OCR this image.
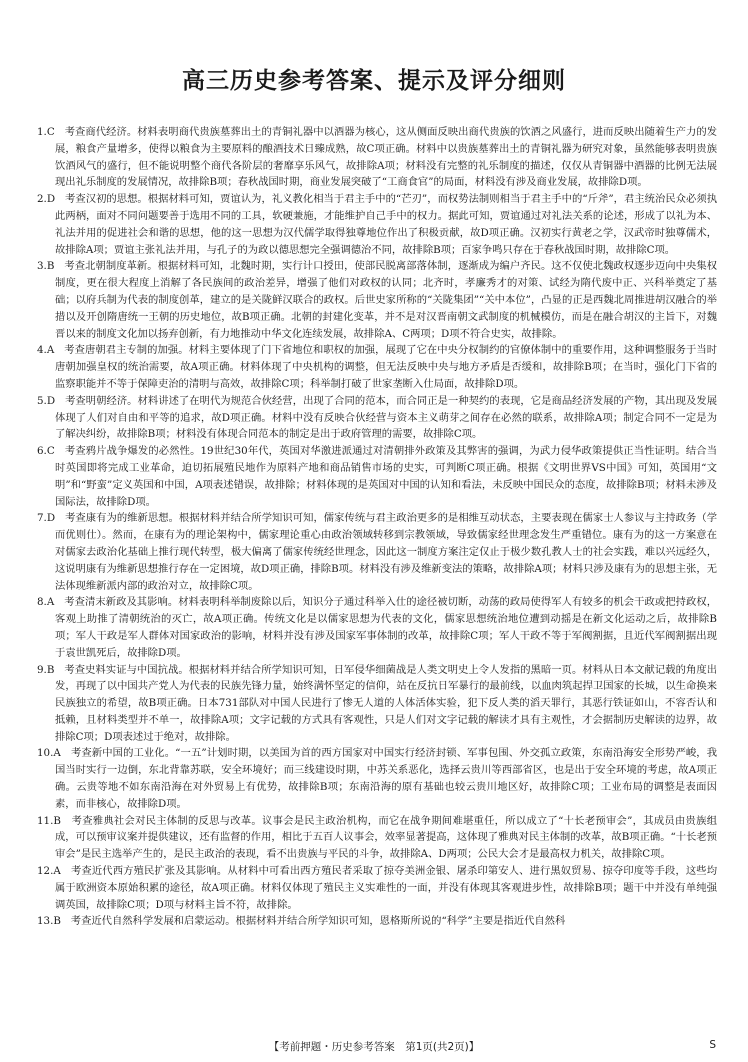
高三历史参考答案、提示及评分细则

1.C 考查商代经济。材料表明商代贵族墓葬出土的青铜礼器中以酒器为核心，这从侧面反映出商代贵族的饮酒之风盛行，进而反映出随着生产力的发展，粮食产量增多，使得以粮食为主要原料的酿酒技术日臻成熟，故C项正确。材料中以贵族墓葬出土的青铜礼器为研究对象，虽然能够表明贵族饮酒风气的盛行，但不能说明整个商代各阶层的奢靡享乐风气，故排除A项；材料没有完整的礼乐制度的描述，仅仅从青铜器中酒器的比例无法展现出礼乐制度的发展情况，故排除B项；春秋战国时期，商业发展突破了“工商食官”的局面，材料没有涉及商业发展，故排除D项。

2.D 考查汉初的思想。根据材料可知，贾谊认为，礼义教化相当于君主手中的“芒刃”，而权势法制则相当于君主手中的“斤斧”，君主统治民众必须执此两柄，面对不同问题要善于选用不同的工具，软硬兼施，才能维护自己手中的权力。据此可知，贾谊通过对礼法关系的论述，形成了以礼为本、礼法并用的促进社会和谐的思想，他的这一思想为汉代儒学取得独尊地位作出了积极贡献，故D项正确。汉初实行黄老之学，汉武帝时独尊儒术，故排除A项；贾谊主张礼法并用，与孔子的为政以德思想完全强调德治不同，故排除B项；百家争鸣只存在于春秋战国时期，故排除C项。

3.B 考查北朝制度革新。根据材料可知，北魏时期，实行计口授田，使部民脱离部落体制，逐渐成为编户齐民。这不仅使北魏政权逐步迈向中央集权制度，更在很大程度上消解了各民族间的政治差异，增强了他们对政权的认同；北齐时，孝廉秀才的对策、试经为隋代废中正、兴科举奠定了基础；以府兵制为代表的制度创革，建立的是关陇鲜汉联合的政权。后世史家所称的“关陇集团”“关中本位”，凸显的正是西魏北周推进胡汉融合的举措以及开创隋唐统一王朝的历史地位，故B项正确。北朝的封建化变革，并不是对汉晋南朝文武制度的机械模仿，而是在融合胡汉的主旨下，对魏晋以来的制度文化加以扬弃创新，有力地推动中华文化连续发展，故排除A、C两项；D项不符合史实，故排除。

4.A 考查唐朝君主专制的加强。材料主要体现了门下省地位和职权的加强，展现了它在中央分权制约的官僚体制中的重要作用，这种调整服务于当时唐朝加强皇权的统治需要，故A项正确。材料体现了中央机构的调整，但无法反映中央与地方矛盾是否缓和，故排除B项；在当时，强化门下省的监察职能并不等于保障吏治的清明与高效，故排除C项；科举制打破了世家垄断入仕局面，故排除D项。

5.D 考查明朝经济。材料讲述了在明代为规范合伙经营，出现了合同的范本，而合同正是一种契约的表现，它是商品经济发展的产物，其出现及发展体现了人们对自由和平等的追求，故D项正确。材料中没有反映合伙经营与资本主义萌芽之间存在必然的联系，故排除A项；制定合同不一定是为了解决纠纷，故排除B项；材料没有体现合同范本的制定是出于政府管理的需要，故排除C项。

6.C 考查鸦片战争爆发的必然性。19世纪30年代，英国对华激进派通过对清朝排外政策及其弊害的强调，为武力侵华政策提供正当性证明。结合当时英国即将完成工业革命，迫切拓展殖民地作为原料产地和商品销售市场的史实，可判断C项正确。根据《文明世界VS中国》可知，英国用“文明”和“野蛮”定义英国和中国，A项表述错误，故排除；材料体现的是英国对中国的认知和看法，未反映中国民众的态度，故排除B项；材料未涉及国际法，故排除D项。

7.D 考查康有为的维新思想。根据材料并结合所学知识可知，儒家传统与君主政治更多的是相维互动状态，主要表现在儒家士人参议与主持政务（学而优则仕）。然而，在康有为的理论架构中，儒家理论重心由政治领域转移到宗教领域，导致儒家经世理念发生严重错位。康有为的这一方案意在对儒家去政治化基础上推行现代转型，极大偏离了儒家传统经世理念，因此这一制度方案注定仅止于极少数孔教人士的社会实践，难以兴远经久，这说明康有为维新思想推行存在一定困境，故D项正确，排除B项。材料没有涉及维新变法的策略，故排除A项；材料只涉及康有为的思想主张，无法体现维新派内部的政治对立，故排除C项。

8.A 考查清末新政及其影响。材料表明科举制废除以后，知识分子通过科举入仕的途径被切断，动荡的政局使得军人有较多的机会干政或把持政权，客观上助推了清朝统治的灭亡，故A项正确。传统文化是以儒家思想为代表的文化，儒家思想统治地位遭到动摇是在新文化运动之后，故排除B项；军人干政是军人群体对国家政治的影响，材料并没有涉及国家军事体制的改革，故排除C项；军人干政不等于军阀割据，且近代军阀割据出现于袁世凯死后，故排除D项。

9.B 考查史料实证与中国抗战。根据材料并结合所学知识可知，日军侵华细菌战是人类文明史上令人发指的黑暗一页。材料从日本文献记载的角度出发，再现了以中国共产党人为代表的民族先锋力量，始终满怀坚定的信仰，站在反抗日军暴行的最前线，以血肉筑起捍卫国家的长城，以生命换来民族独立的希望，故B项正确。日本731部队对中国人民进行了惨无人道的人体活体实验，犯下反人类的滔天罪行，其恶行铁证如山，不容否认和抵赖，且材料类型并不单一，故排除A项；文字记载的方式具有客观性，只是人们对文字记载的解读才具有主观性，才会据制历史解读的边界，故排除C项；D项表述过于绝对，故排除。

10.A 考查新中国的工业化。“一五”计划时期，以美国为首的西方国家对中国实行经济封锁、军事包围、外交孤立政策，东南沿海安全形势严峻，我国当时实行一边倒，东北背靠苏联，安全环境好；而三线建设时期，中苏关系恶化，选择云贵川等西部省区，也是出于安全环境的考虑，故A项正确。云贵等地不如东南沿海在对外贸易上有优势，故排除B项；东南沿海的原有基础也较云贵川地区好，故排除C项；工业布局的调整是表面因素，而非核心，故排除D项。

11.B 考查雅典社会对民主体制的反思与改革。议事会是民主政治机构，而它在战争期间难堪重任，所以成立了“十长老预审会”，其成员由贵族组成，可以预审议案并提供建议，还有监督的作用，相比于五百人议事会，效率显著提高，这体现了雅典对民主体制的改革，故B项正确。“十长老预审会”是民主选举产生的，是民主政治的表现，看不出贵族与平民的斗争，故排除A、D两项；公民大会才是最高权力机关，故排除C项。

12.A 考查近代西方殖民扩张及其影响。从材料中可看出西方殖民者采取了掠夺美洲金银、屠杀印第安人、进行黑奴贸易、掠夺印度等手段，这些均属于欧洲资本原始积累的途径，故A项正确。材料仅体现了殖民主义实难性的一面，并没有体现其客观进步性，故排除B项；题干中并没有单纯强调英国，故排除C项；D项与材料主旨不符，故排除。

13.B 考查近代自然科学发展和启蒙运动。根据材料并结合所学知识可知，恩格斯所说的“科学”主要是指近代自然科

【考前押题・历史参考答案　第1页(共2页)】	S
